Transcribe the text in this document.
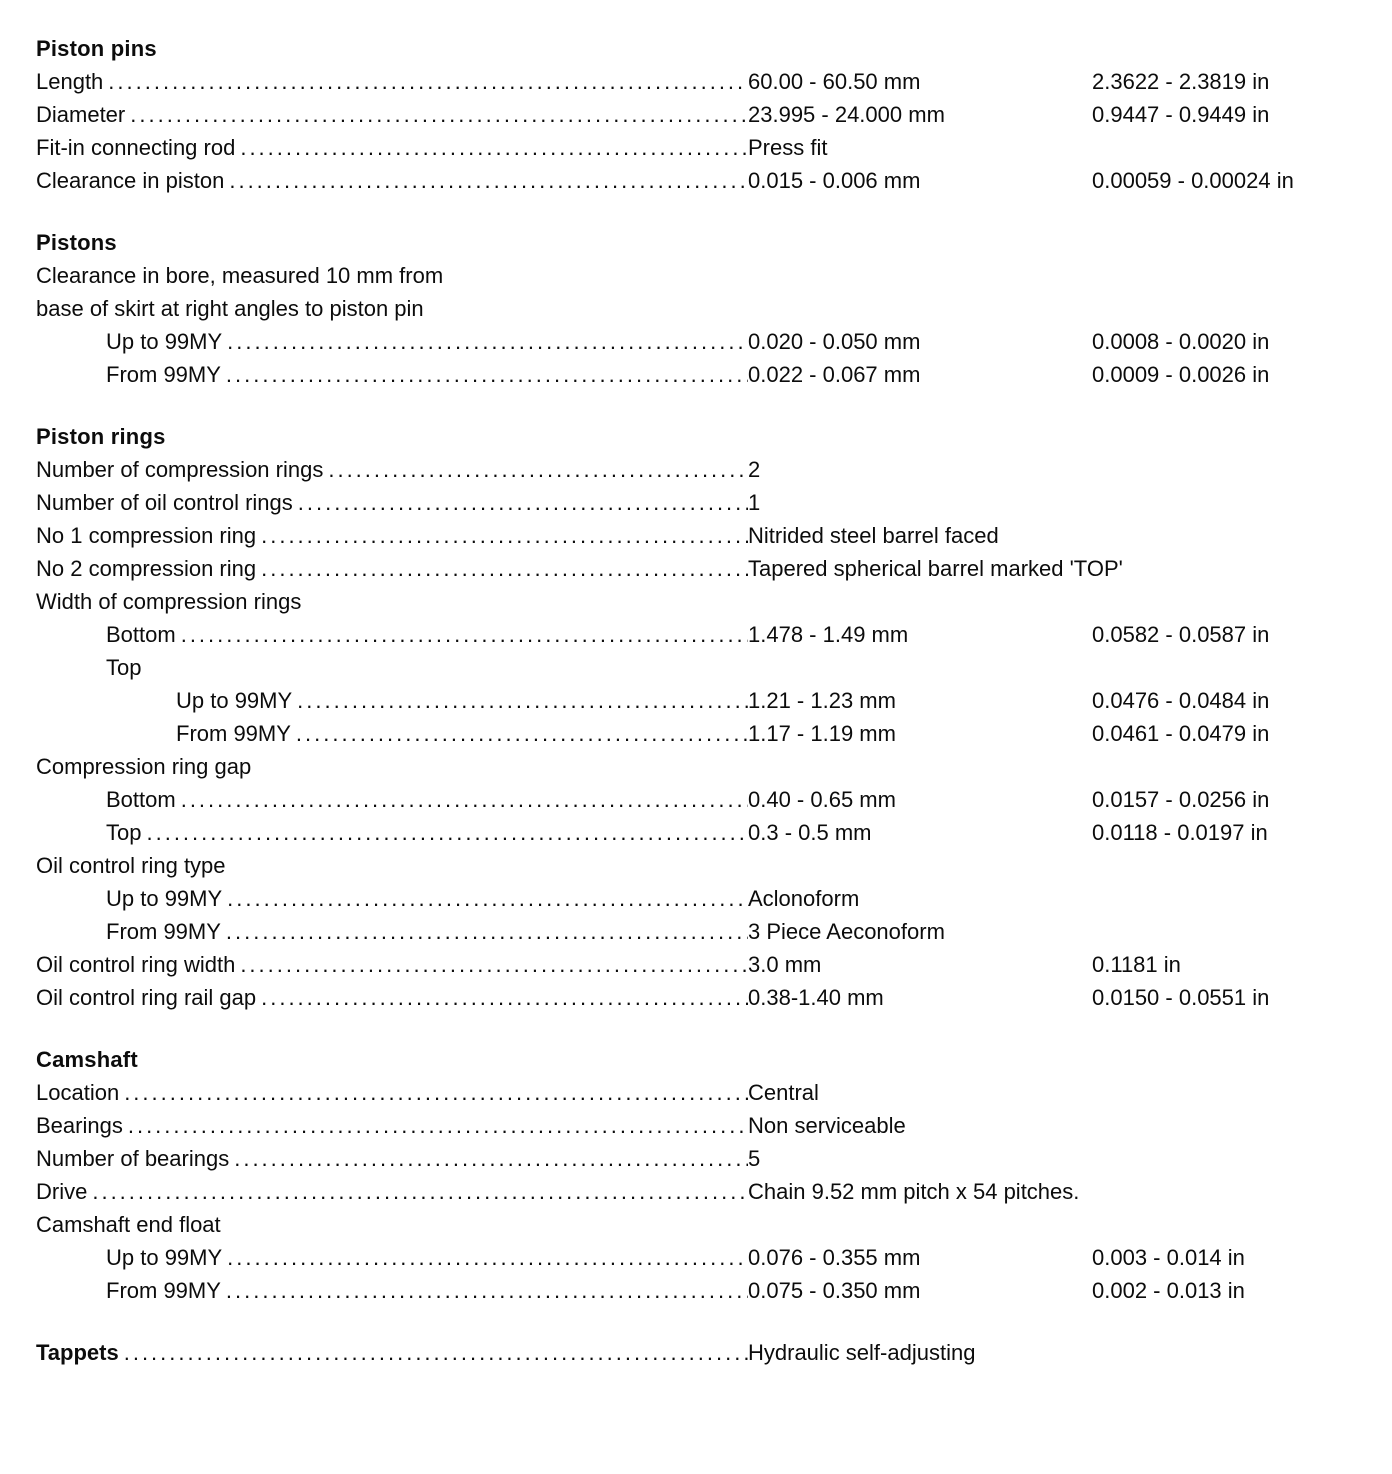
Piston pins
Length .....	60.00 - 60.50 mm	2.3622 - 2.3819 in
Diameter .....	23.995 - 24.000 mm	0.9447 - 0.9449 in
Fit-in connecting rod .....	Press fit
Clearance in piston .....	0.015 - 0.006 mm	0.00059 - 0.00024 in
Pistons
Clearance in bore, measured 10 mm from
base of skirt at right angles to piston pin
Up to 99MY .....	0.020 - 0.050 mm	0.0008 - 0.0020 in
From 99MY .....	0.022 - 0.067 mm	0.0009 - 0.0026 in
Piston rings
Number of compression rings .....	2
Number of oil control rings .....	1
No 1 compression ring .....	Nitrided steel barrel faced
No 2 compression ring .....	Tapered spherical barrel marked 'TOP'
Width of compression rings
Bottom .....	1.478 - 1.49 mm	0.0582 - 0.0587 in
Top
Up to 99MY .....	1.21 - 1.23 mm	0.0476 - 0.0484 in
From 99MY .....	1.17 - 1.19 mm	0.0461 - 0.0479 in
Compression ring gap
Bottom .....	0.40 - 0.65 mm	0.0157 - 0.0256 in
Top .....	0.3 - 0.5 mm	0.0118 - 0.0197 in
Oil control ring type
Up to 99MY .....	Aclonoform
From 99MY .....	3 Piece Aeconoform
Oil control ring width .....	3.0 mm	0.1181 in
Oil control ring rail gap .....	0.38-1.40 mm	0.0150 - 0.0551 in
Camshaft
Location .....	Central
Bearings .....	Non serviceable
Number of bearings .....	5
Drive .....	Chain 9.52 mm pitch x 54 pitches.
Camshaft end float
Up to 99MY .....	0.076 - 0.355 mm	0.003 - 0.014 in
From 99MY .....	0.075 - 0.350 mm	0.002 - 0.013 in
Tappets .....	Hydraulic self-adjusting
